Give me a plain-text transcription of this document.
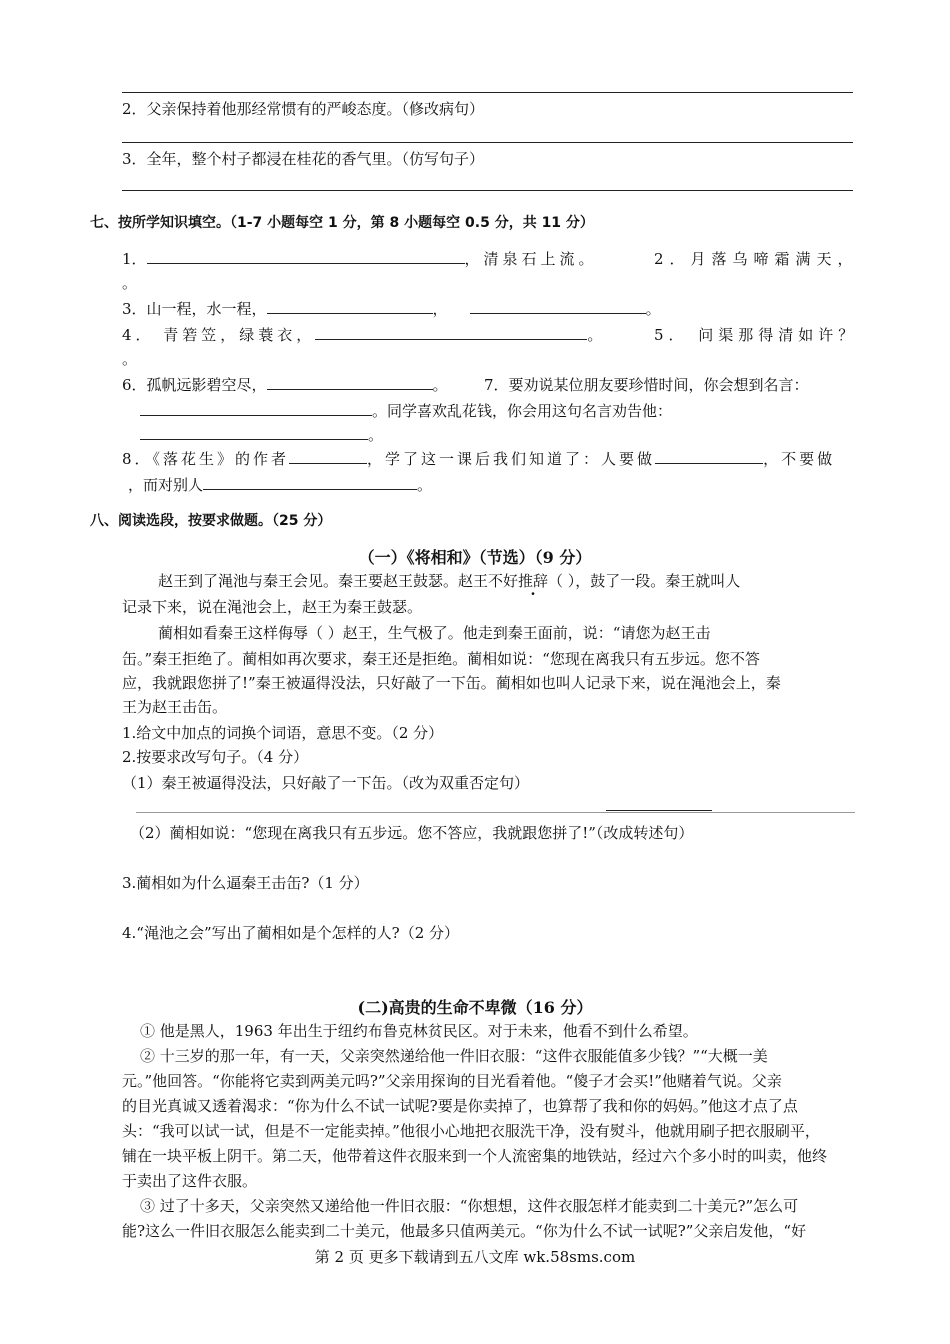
2．父亲保持着他那经常惯有的严峻态度。（修改病句）
3．全年，整个村子都浸在桂花的香气里。（仿写句子）
七、按所学知识填空。（1-7 小题每空 1 分，第 8 小题每空 0.5 分，共 11 分）
1．	，清泉石上流。	2．月落乌啼霜满天，
。
3．山一程，水一程，	，	。
4． 青箬笠，绿蓑衣，	。	5． 问渠那得清如许？
。
6．孤帆远影碧空尽，	。 7．要劝说某位朋友要珍惜时间，你会想到名言：
。同学喜欢乱花钱，你会用这句名言劝告他：
。
8．《落花生》的作者	，学了这一课后我们知道了：人要做	，不要做
，而对别人	。
八、阅读选段，按要求做题。（25 分）
（一）《将相和》（节选）（9 分）
赵王到了渑池与秦王会见。秦王要赵王鼓瑟。赵王不好推辞（ ），鼓了一段。秦王就叫人
记录下来，说在渑池会上，赵王为秦王鼓瑟。
蔺相如看秦王这样侮辱（ ）赵王，生气极了。他走到秦王面前，说：“请您为赵王击
缶。”秦王拒绝了。蔺相如再次要求，秦王还是拒绝。蔺相如说：“您现在离我只有五步远。您不答
应，我就跟您拼了!”秦王被逼得没法，只好敲了一下缶。蔺相如也叫人记录下来，说在渑池会上，秦
王为赵王击缶。
1.给文中加点的词换个词语，意思不变。（2 分）
2.按要求改写句子。（4 分）
（1）秦王被逼得没法，只好敲了一下缶。（改为双重否定句）
（2）蔺相如说：“您现在离我只有五步远。您不答应，我就跟您拼了!”（改成转述句）
3.蔺相如为什么逼秦王击缶?（1 分）
4.“渑池之会”写出了蔺相如是个怎样的人?（2 分）
(二)高贵的生命不卑微（16 分）
① 他是黑人，1963 年出生于纽约布鲁克林贫民区。对于未来，他看不到什么希望。
② 十三岁的那一年，有一天，父亲突然递给他一件旧衣服：“这件衣服能值多少钱？”“大概一美
元。”他回答。“你能将它卖到两美元吗?”父亲用探询的目光看着他。“傻子才会买!”他赌着气说。父亲
的目光真诚又透着渴求：“你为什么不试一试呢?要是你卖掉了，也算帮了我和你的妈妈。”他这才点了点
头：“我可以试一试，但是不一定能卖掉。”他很小心地把衣服洗干净，没有熨斗，他就用刷子把衣服刷平，
铺在一块平板上阴干。第二天，他带着这件衣服来到一个人流密集的地铁站，经过六个多小时的叫卖，他终
于卖出了这件衣服。
③ 过了十多天，父亲突然又递给他一件旧衣服：“你想想，这件衣服怎样才能卖到二十美元?”怎么可
能?这么一件旧衣服怎么能卖到二十美元，他最多只值两美元。“你为什么不试一试呢?”父亲启发他，“好
第 2 页 更多下载请到五八文库 wk.58sms.com
